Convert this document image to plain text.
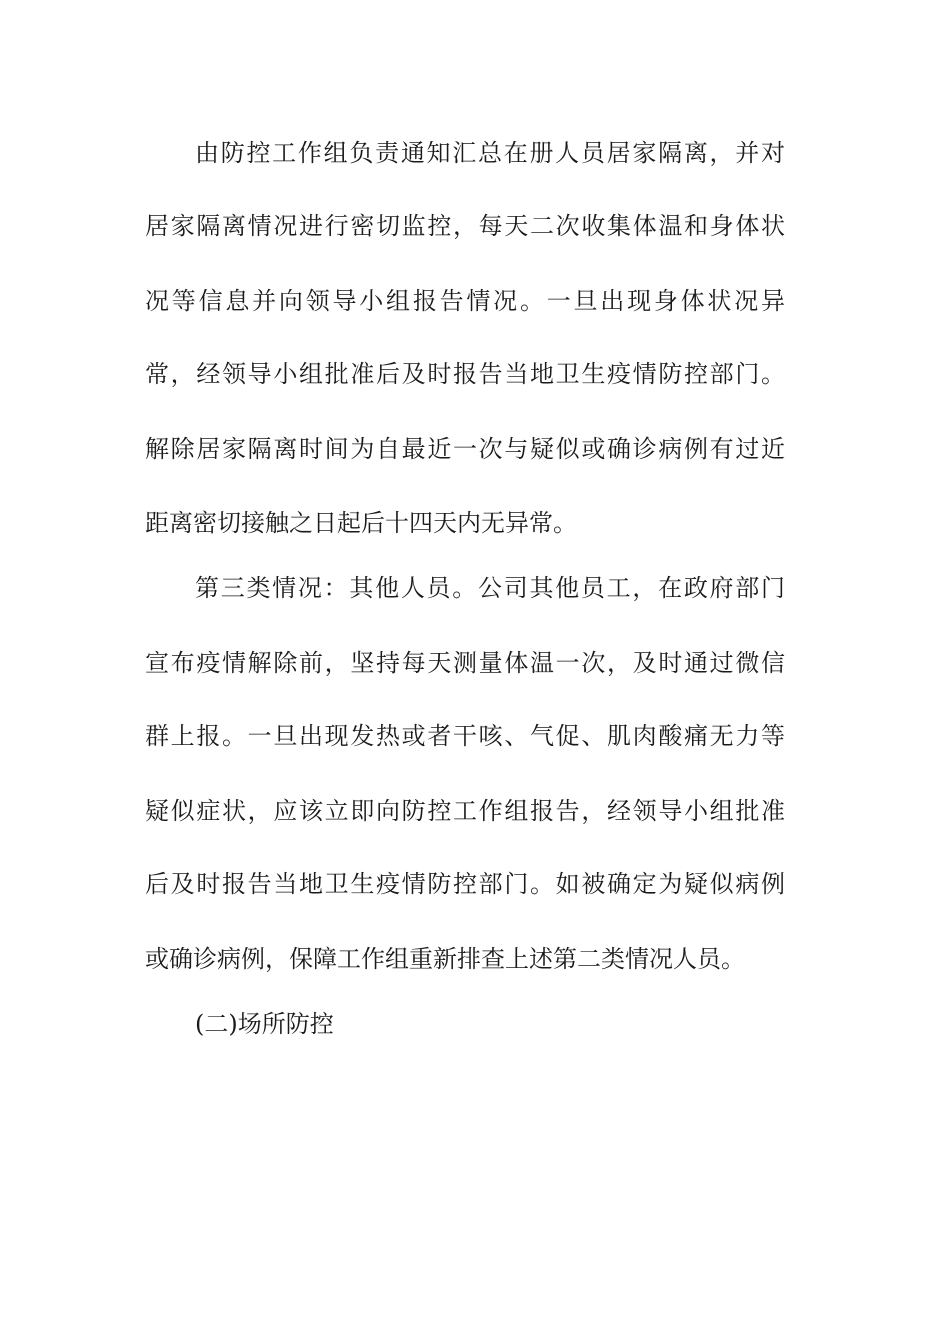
由防控工作组负责通知汇总在册人员居家隔离，并对

居家隔离情况进行密切监控，每天二次收集体温和身体状

况等信息并向领导小组报告情况。一旦出现身体状况异

常，经领导小组批准后及时报告当地卫生疫情防控部门。

解除居家隔离时间为自最近一次与疑似或确诊病例有过近

距离密切接触之日起后十四天内无异常。

第三类情况：其他人员。公司其他员工，在政府部门

宣布疫情解除前，坚持每天测量体温一次，及时通过微信

群上报。一旦出现发热或者干咳、气促、肌肉酸痛无力等

疑似症状，应该立即向防控工作组报告，经领导小组批准

后及时报告当地卫生疫情防控部门。如被确定为疑似病例

或确诊病例，保障工作组重新排查上述第二类情况人员。

(二)场所防控
